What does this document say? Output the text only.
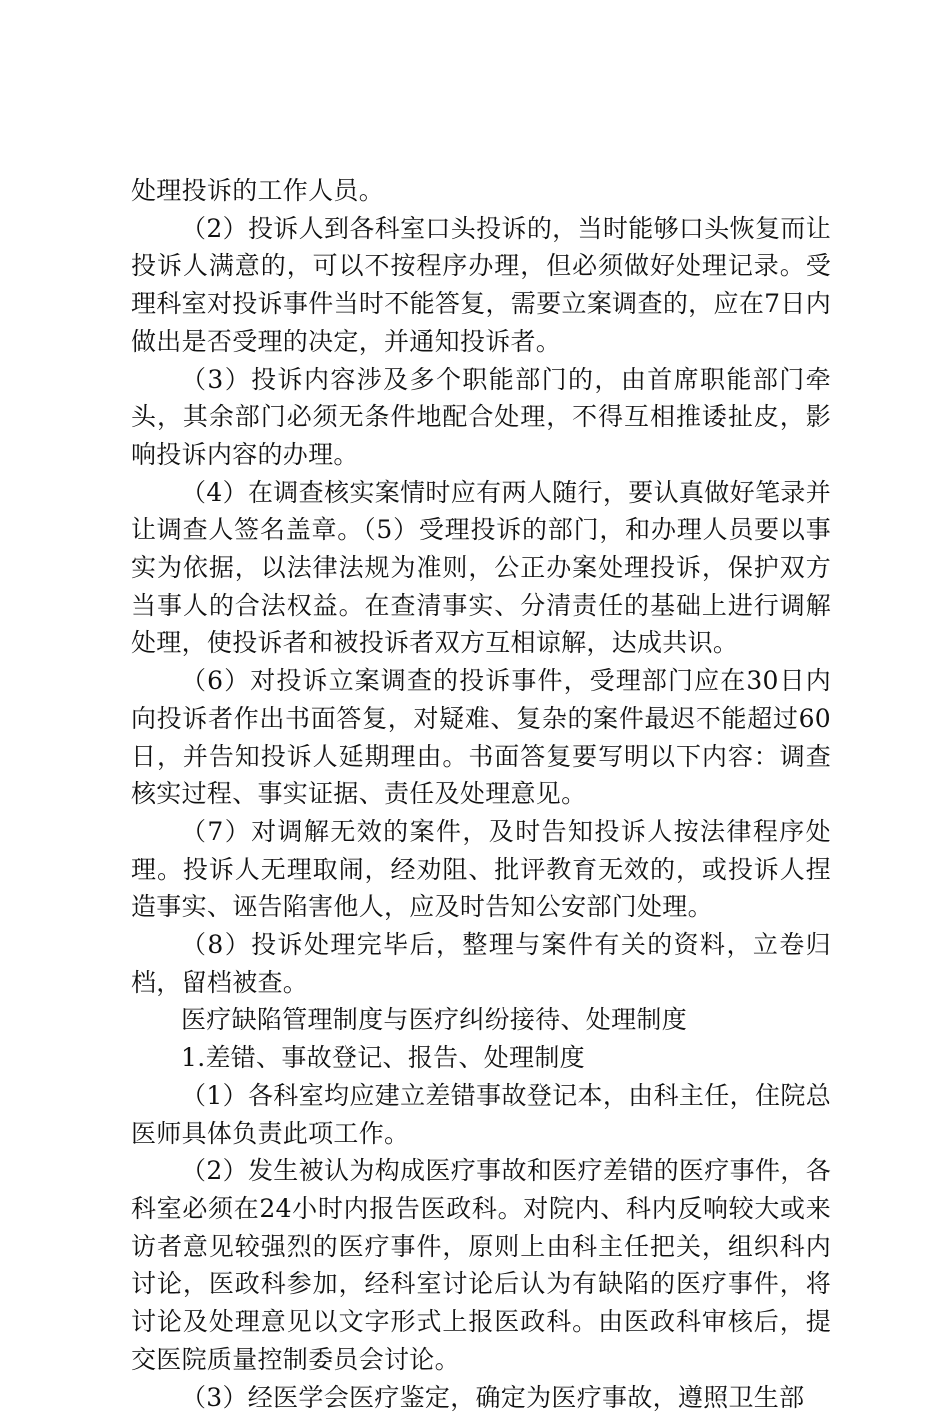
处理投诉的工作人员。

（2）投诉人到各科室口头投诉的，当时能够口头恢复而让投诉人满意的，可以不按程序办理，但必须做好处理记录。受理科室对投诉事件当时不能答复，需要立案调查的，应在7日内做出是否受理的决定，并通知投诉者。

（3）投诉内容涉及多个职能部门的，由首席职能部门牵头，其余部门必须无条件地配合处理，不得互相推诿扯皮，影响投诉内容的办理。

（4）在调查核实案情时应有两人随行，要认真做好笔录并让调查人签名盖章。（5）受理投诉的部门，和办理人员要以事实为依据，以法律法规为准则，公正办案处理投诉，保护双方当事人的合法权益。在查清事实、分清责任的基础上进行调解处理，使投诉者和被投诉者双方互相谅解，达成共识。

（6）对投诉立案调查的投诉事件，受理部门应在30日内向投诉者作出书面答复，对疑难、复杂的案件最迟不能超过60日，并告知投诉人延期理由。书面答复要写明以下内容：调查核实过程、事实证据、责任及处理意见。

（7）对调解无效的案件，及时告知投诉人按法律程序处理。投诉人无理取闹，经劝阻、批评教育无效的，或投诉人捏造事实、诬告陷害他人，应及时告知公安部门处理。

（8）投诉处理完毕后，整理与案件有关的资料，立卷归档，留档被查。

医疗缺陷管理制度与医疗纠纷接待、处理制度

1.差错、事故登记、报告、处理制度

（1）各科室均应建立差错事故登记本，由科主任，住院总医师具体负责此项工作。

（2）发生被认为构成医疗事故和医疗差错的医疗事件，各科室必须在24小时内报告医政科。对院内、科内反响较大或来访者意见较强烈的医疗事件，原则上由科主任把关，组织科内讨论，医政科参加，经科室讨论后认为有缺陷的医疗事件，将讨论及处理意见以文字形式上报医政科。由医政科审核后，提交医院质量控制委员会讨论。

（3）经医学会医疗鉴定，确定为医疗事故，遵照卫生部
